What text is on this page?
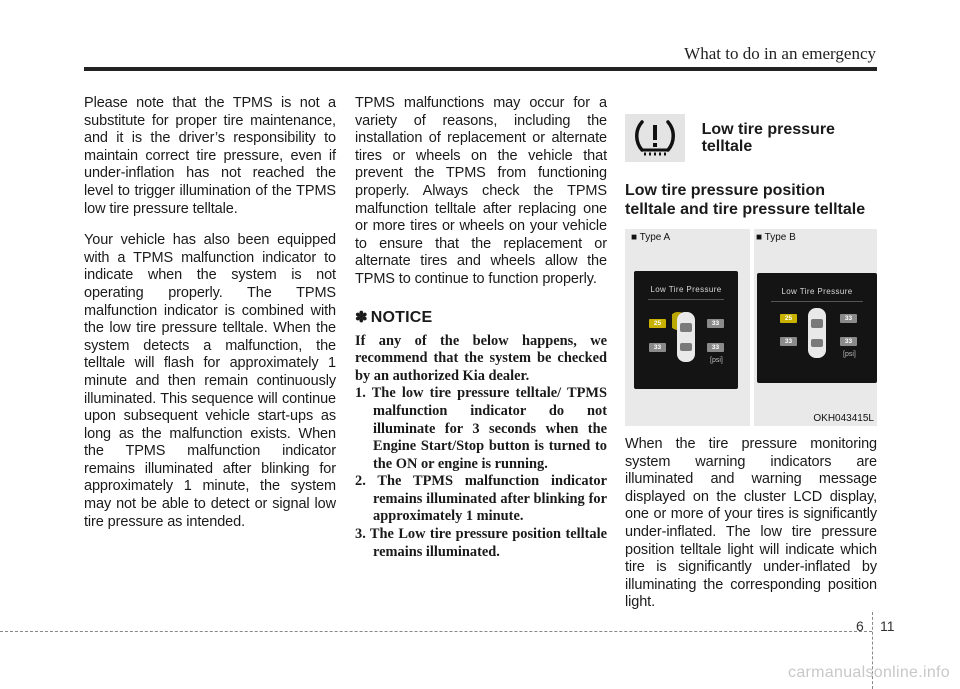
What to do in an emergency

Please note that the TPMS is not a substitute for proper tire maintenance, and it is the driver’s responsibility to maintain correct tire pressure, even if under-inflation has not reached the level to trigger illumination of the TPMS low tire pressure telltale.

Your vehicle has also been equipped with a TPMS malfunction indicator to indicate when the system is not operating properly. The TPMS malfunction indicator is combined with the low tire pressure telltale. When the system detects a malfunction, the telltale will flash for approximately 1 minute and then remain continuously illuminated. This sequence will continue upon subsequent vehicle start-ups as long as the malfunction exists. When the TPMS malfunction indicator remains illuminated after blinking for approximately 1 minute, the system may not be able to detect or signal low tire pressure as intended.

TPMS malfunctions may occur for a variety of reasons, including the installation of replacement or alternate tires or wheels on the vehicle that prevent the TPMS from functioning properly. Always check the TPMS malfunction telltale after replacing one or more tires or wheels on your vehicle to ensure that the replacement or alternate tires and wheels allow the TPMS to continue to function properly.

✽ NOTICE

If any of the below happens, we recommend that the system be checked by an authorized Kia dealer.

1. The low tire pressure telltale/ TPMS malfunction indicator do not illuminate for 3 seconds when the Engine Start/Stop button is turned to the ON or engine is running.
2. The TPMS malfunction indicator remains illuminated after blinking for approximately 1 minute.
3. The Low tire pressure position telltale remains illuminated.
Low tire pressure telltale
Low tire pressure position telltale and tire pressure telltale
■ Type A	■ Type B
Low Tire Pressure
25	33
33	33
[psi]
Low Tire Pressure
25	33
33	33
[psi]
OKH043415L

When the tire pressure monitoring system warning indicators are illuminated and warning message displayed on the cluster LCD display, one or more of your tires is significantly under-inflated. The low tire pressure position telltale light will indicate which tire is significantly under-inflated by illuminating the corresponding position light.

6 11
carmanualsonline.info
